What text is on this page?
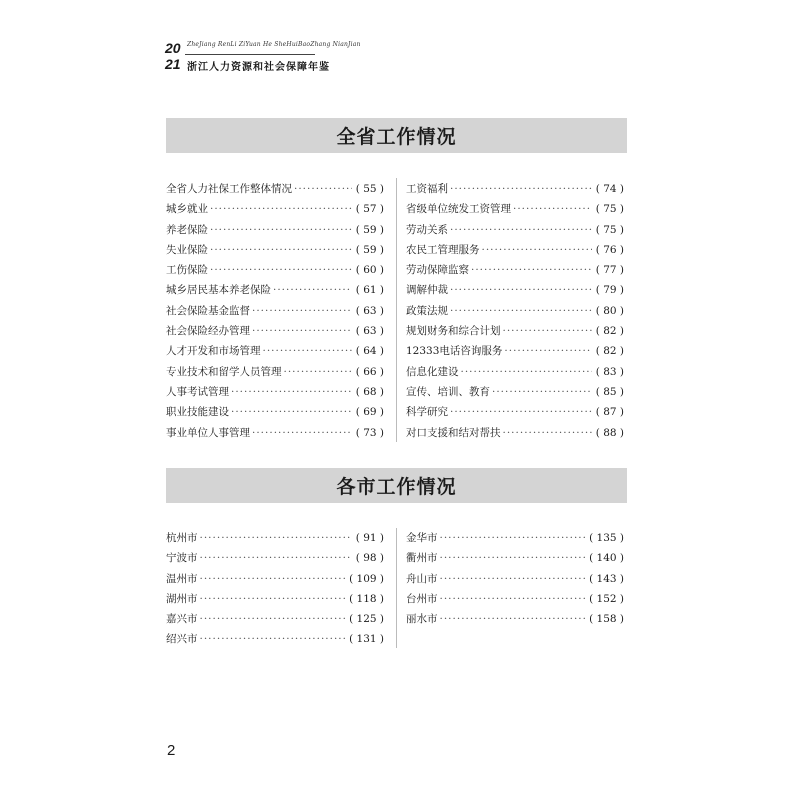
20 ZheJiang RenLi ZiYuan He SheHuiBaoZhang NianJian
21 浙江人力资源和社会保障年鉴
全省工作情况
全省人力社保工作整体情况 ·····	( 55 )
城乡就业 ·····	( 57 )
养老保险 ·····	( 59 )
失业保险 ·····	( 59 )
工伤保险 ·····	( 60 )
城乡居民基本养老保险 ·····	( 61 )
社会保险基金监督 ·····	( 63 )
社会保险经办管理 ·····	( 63 )
人才开发和市场管理 ·····	( 64 )
专业技术和留学人员管理 ·····	( 66 )
人事考试管理 ·····	( 68 )
职业技能建设 ·····	( 69 )
事业单位人事管理 ·····	( 73 )
工资福利 ·····	( 74 )
省级单位统发工资管理 ·····	( 75 )
劳动关系 ·····	( 75 )
农民工管理服务 ·····	( 76 )
劳动保障监察 ·····	( 77 )
调解仲裁 ·····	( 79 )
政策法规 ·····	( 80 )
规划财务和综合计划 ·····	( 82 )
12333电话咨询服务 ·····	( 82 )
信息化建设 ·····	( 83 )
宣传、培训、教育 ·····	( 85 )
科学研究 ·····	( 87 )
对口支援和结对帮扶 ·····	( 88 )
各市工作情况
杭州市 ·····	( 91 )
宁波市 ·····	( 98 )
温州市 ·····	( 109 )
湖州市 ·····	( 118 )
嘉兴市 ·····	( 125 )
绍兴市 ·····	( 131 )
金华市 ·····	( 135 )
衢州市 ·····	( 140 )
舟山市 ·····	( 143 )
台州市 ·····	( 152 )
丽水市 ·····	( 158 )
2
